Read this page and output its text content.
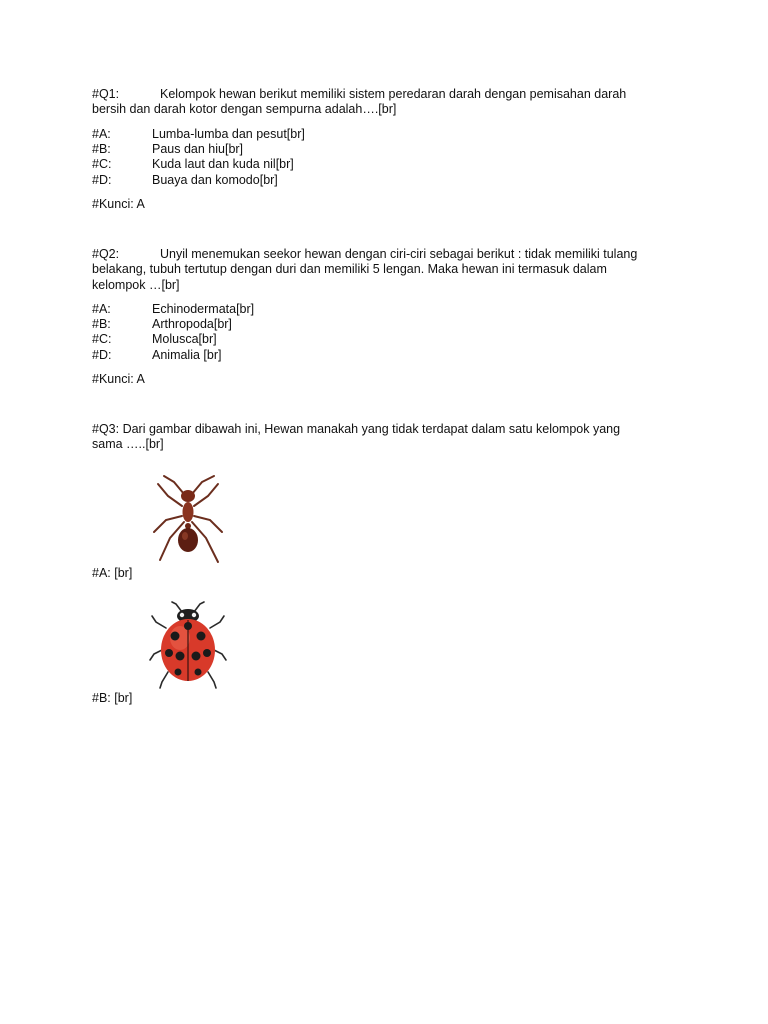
#Q1:	Kelompok hewan berikut memiliki sistem peredaran darah dengan pemisahan darah
bersih dan darah kotor dengan sempurna adalah….[br]
#A:	Lumba-lumba dan pesut[br]
#B:	Paus dan hiu[br]
#C:	Kuda laut dan kuda nil[br]
#D:	Buaya dan komodo[br]
#Kunci: A
#Q2:	Unyil menemukan seekor hewan dengan ciri-ciri sebagai berikut : tidak memiliki tulang
belakang, tubuh tertutup dengan duri dan memiliki 5 lengan. Maka hewan ini termasuk dalam
kelompok …[br]
#A:	Echinodermata[br]
#B:	Arthropoda[br]
#C:	Molusca[br]
#D:	Animalia [br]
#Kunci: A
#Q3: Dari gambar dibawah ini, Hewan manakah yang tidak terdapat dalam satu kelompok yang
sama …..[br]
#A: [br]
#B: [br]
